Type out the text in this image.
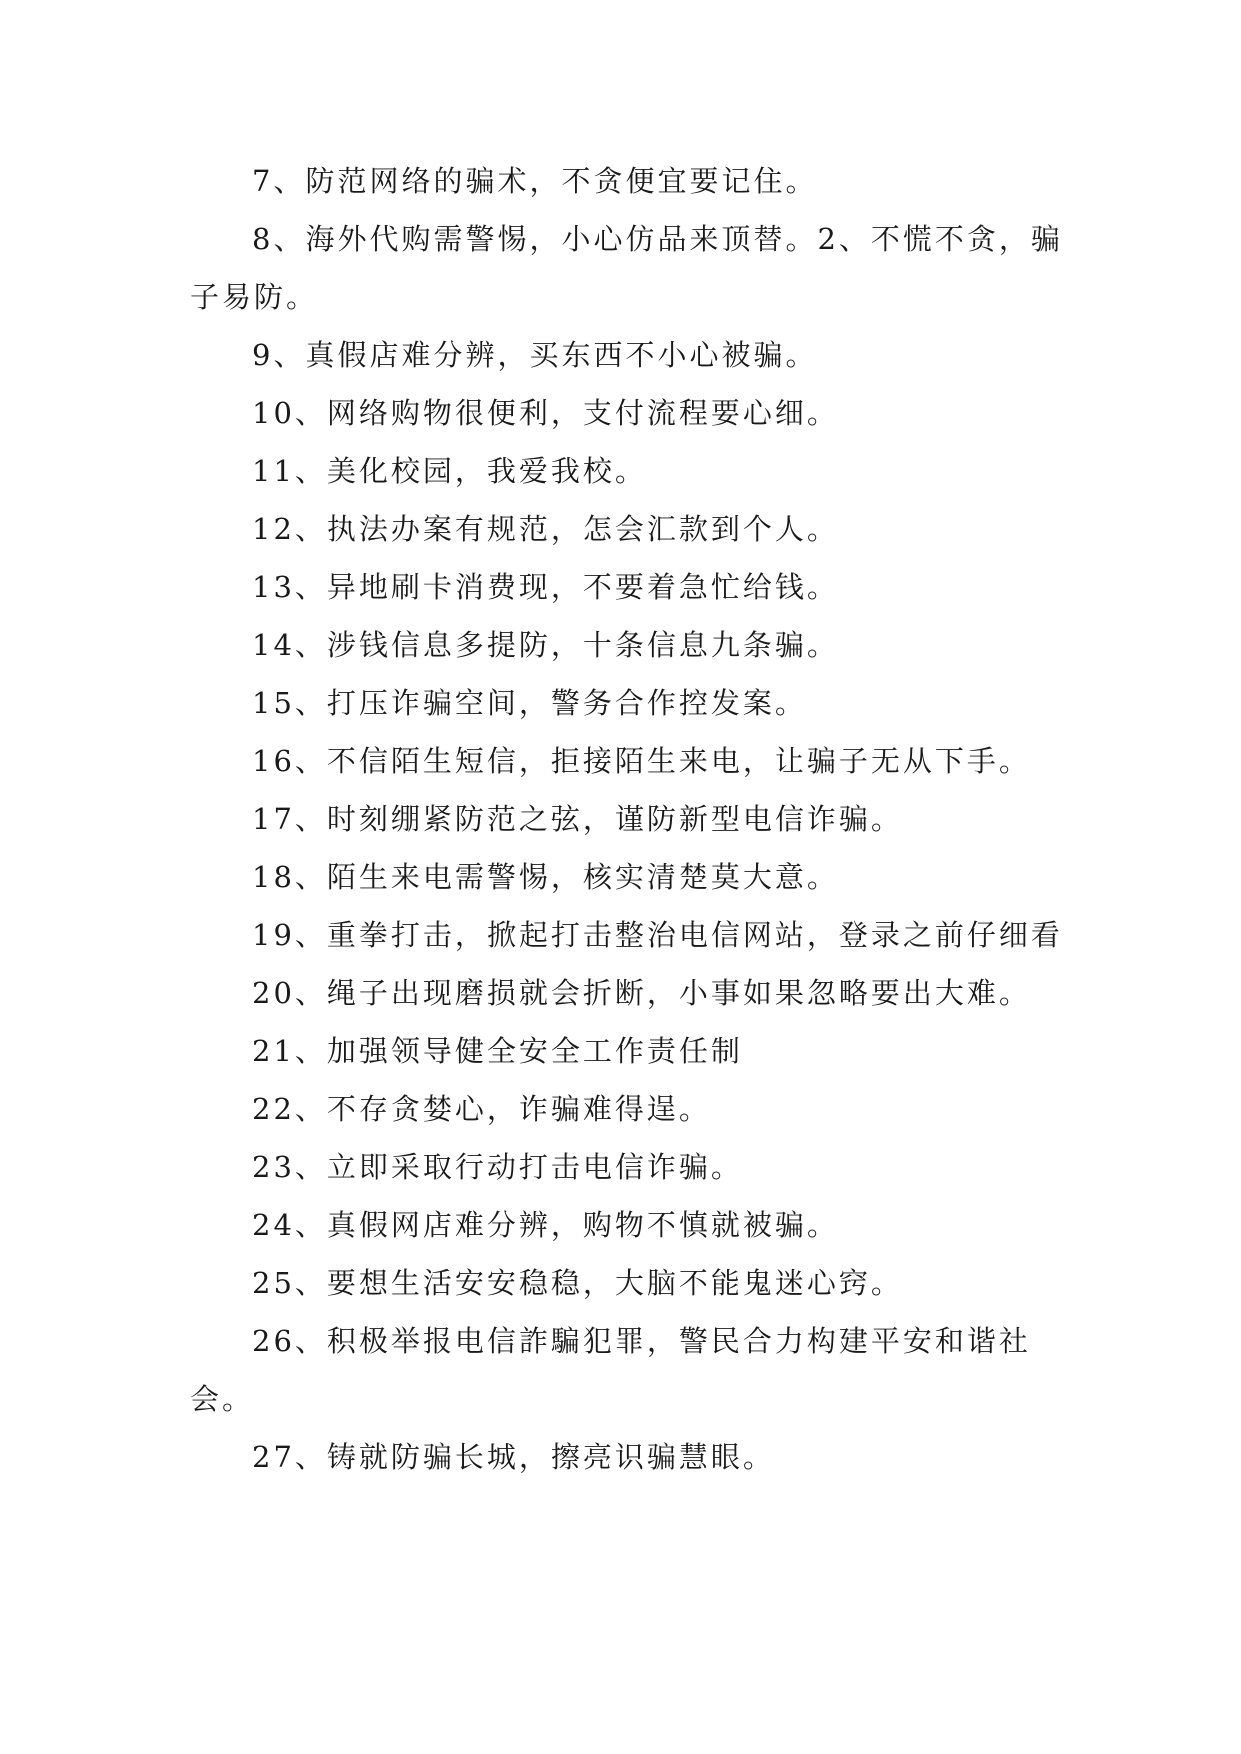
7、防范网络的骗术，不贪便宜要记住。

8、海外代购需警惕，小心仿品来顶替。2、不慌不贪，骗子易防。

9、真假店难分辨，买东西不小心被骗。

10、网络购物很便利，支付流程要心细。

11、美化校园，我爱我校。

12、执法办案有规范，怎会汇款到个人。

13、异地刷卡消费现，不要着急忙给钱。

14、涉钱信息多提防，十条信息九条骗。

15、打压诈骗空间，警务合作控发案。

16、不信陌生短信，拒接陌生来电，让骗子无从下手。

17、时刻绷紧防范之弦，谨防新型电信诈骗。

18、陌生来电需警惕，核实清楚莫大意。

19、重拳打击，掀起打击整治电信网站，登录之前仔细看

20、绳子出现磨损就会折断，小事如果忽略要出大难。

21、加强领导健全安全工作责任制

22、不存贪婪心，诈骗难得逞。

23、立即采取行动打击电信诈骗。

24、真假网店难分辨，购物不慎就被骗。

25、要想生活安安稳稳，大脑不能鬼迷心窍。

26、积极举报电信詐騙犯罪，警民合力构建平安和谐社会。

27、铸就防骗长城，擦亮识骗慧眼。
